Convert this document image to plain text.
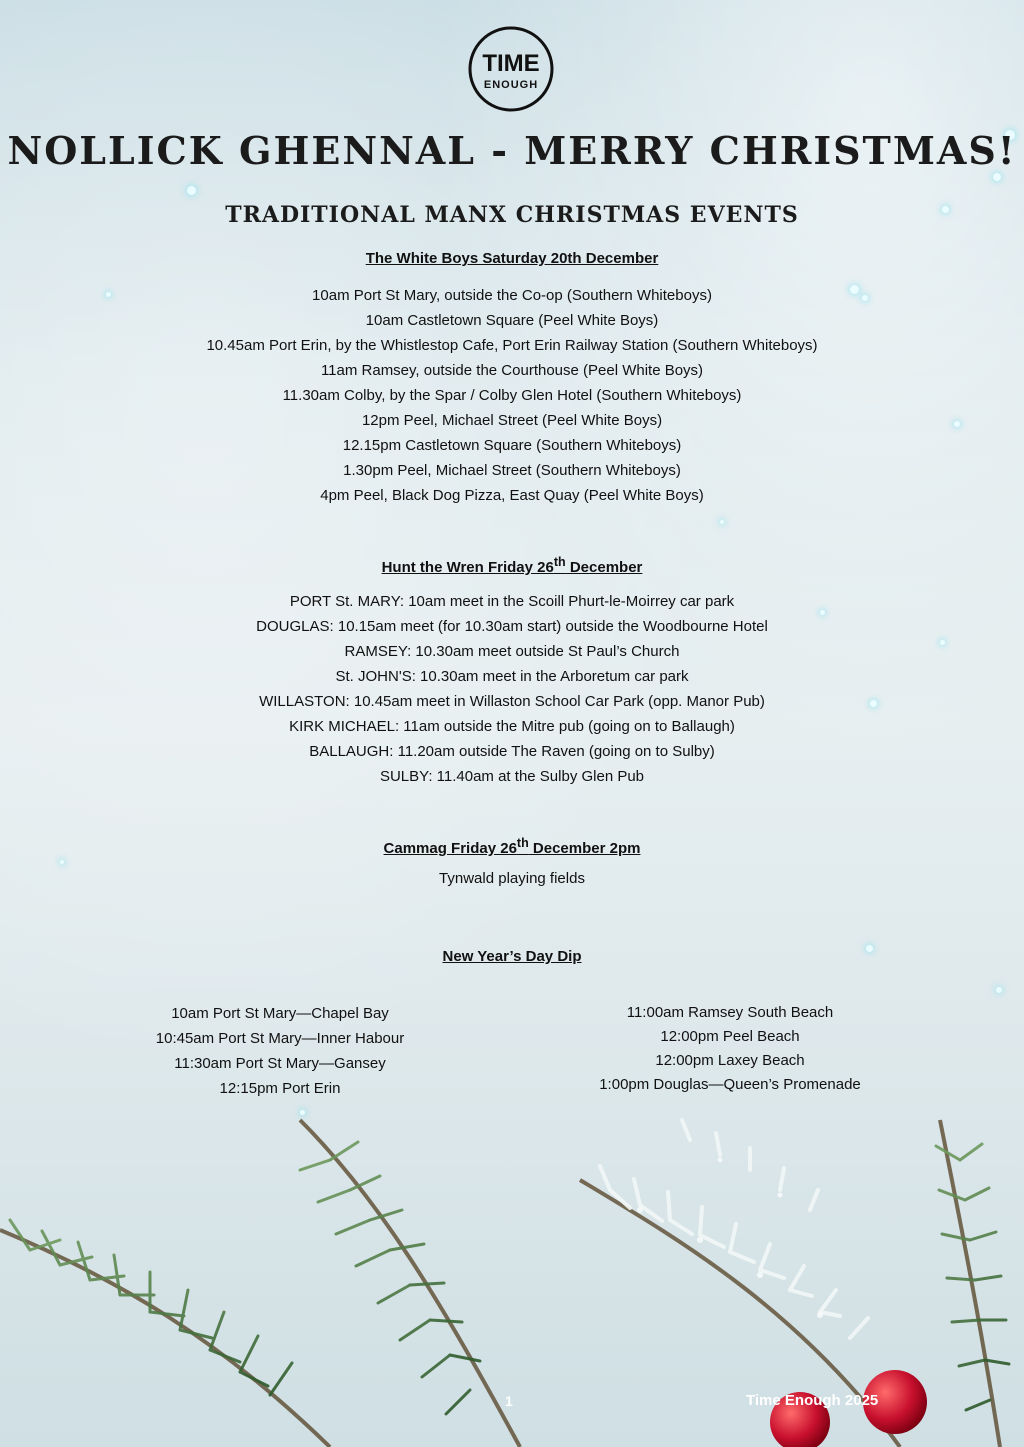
TIME
ENOUGH
NOLLICK GHENNAL - MERRY CHRISTMAS!
TRADITIONAL MANX CHRISTMAS EVENTS

The White Boys Saturday 20th December

10am Port St Mary, outside the Co-op (Southern Whiteboys)
10am Castletown Square (Peel White Boys)
10.45am Port Erin, by the Whistlestop Cafe, Port Erin Railway Station (Southern Whiteboys)
11am Ramsey, outside the Courthouse (Peel White Boys)
11.30am Colby, by the Spar / Colby Glen Hotel (Southern Whiteboys)
12pm Peel, Michael Street (Peel White Boys)
12.15pm Castletown Square (Southern Whiteboys)
1.30pm Peel, Michael Street (Southern Whiteboys)
4pm Peel, Black Dog Pizza, East Quay (Peel White Boys)

Hunt the Wren Friday 26th December

PORT St. MARY: 10am meet in the Scoill Phurt-le-Moirrey car park
DOUGLAS: 10.15am meet (for 10.30am start) outside the Woodbourne Hotel
RAMSEY: 10.30am meet outside St Paul’s Church
St. JOHN'S: 10.30am meet in the Arboretum car park
WILLASTON: 10.45am meet in Willaston School Car Park (opp. Manor Pub)
KIRK MICHAEL: 11am outside the Mitre pub (going on to Ballaugh)
BALLAUGH: 11.20am outside The Raven (going on to Sulby)
SULBY: 11.40am at the Sulby Glen Pub

Cammag Friday 26th December 2pm

Tynwald playing fields

New Year’s Day Dip

10am Port St Mary—Chapel Bay
10:45am Port St Mary—Inner Habour
11:30am Port St Mary—Gansey
12:15pm Port Erin
11:00am Ramsey South Beach
12:00pm Peel Beach
12:00pm Laxey Beach
1:00pm Douglas—Queen’s Promenade
1	Time Enough 2025
